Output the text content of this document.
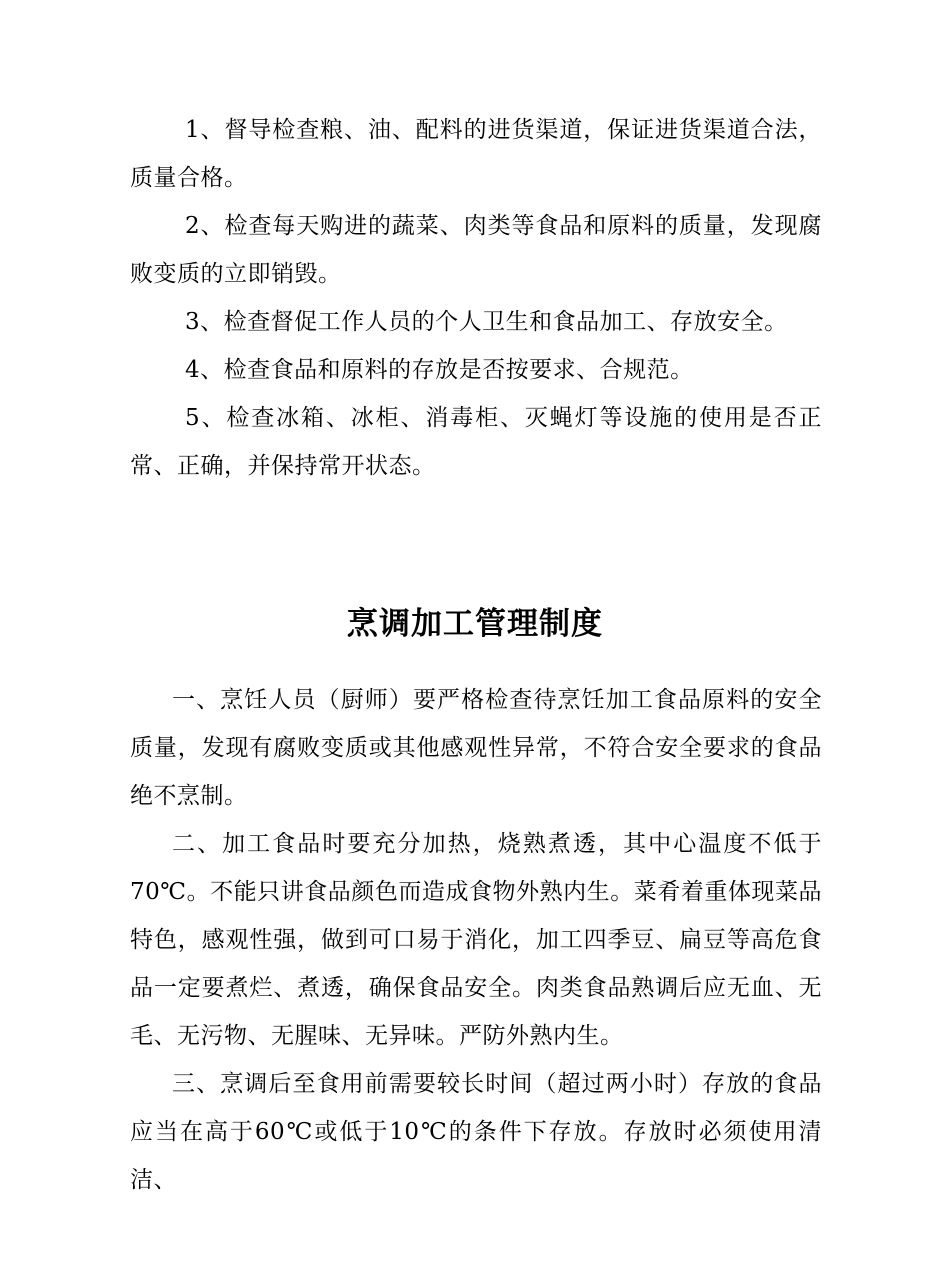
1、督导检查粮、油、配料的进货渠道，保证进货渠道合法，质量合格。

2、检查每天购进的蔬菜、肉类等食品和原料的质量，发现腐败变质的立即销毁。

3、检查督促工作人员的个人卫生和食品加工、存放安全。

4、检查食品和原料的存放是否按要求、合规范。

5、检查冰箱、冰柜、消毒柜、灭蝇灯等设施的使用是否正常、正确，并保持常开状态。

烹调加工管理制度

一、烹饪人员（厨师）要严格检查待烹饪加工食品原料的安全质量，发现有腐败变质或其他感观性异常，不符合安全要求的食品绝不烹制。

二、加工食品时要充分加热，烧熟煮透，其中心温度不低于70℃。不能只讲食品颜色而造成食物外熟内生。菜肴着重体现菜品特色，感观性强，做到可口易于消化，加工四季豆、扁豆等高危食品一定要煮烂、煮透，确保食品安全。肉类食品熟调后应无血、无毛、无污物、无腥味、无异味。严防外熟内生。

三、烹调后至食用前需要较长时间（超过两小时）存放的食品应当在高于60℃或低于10℃的条件下存放。存放时必须使用清洁、
